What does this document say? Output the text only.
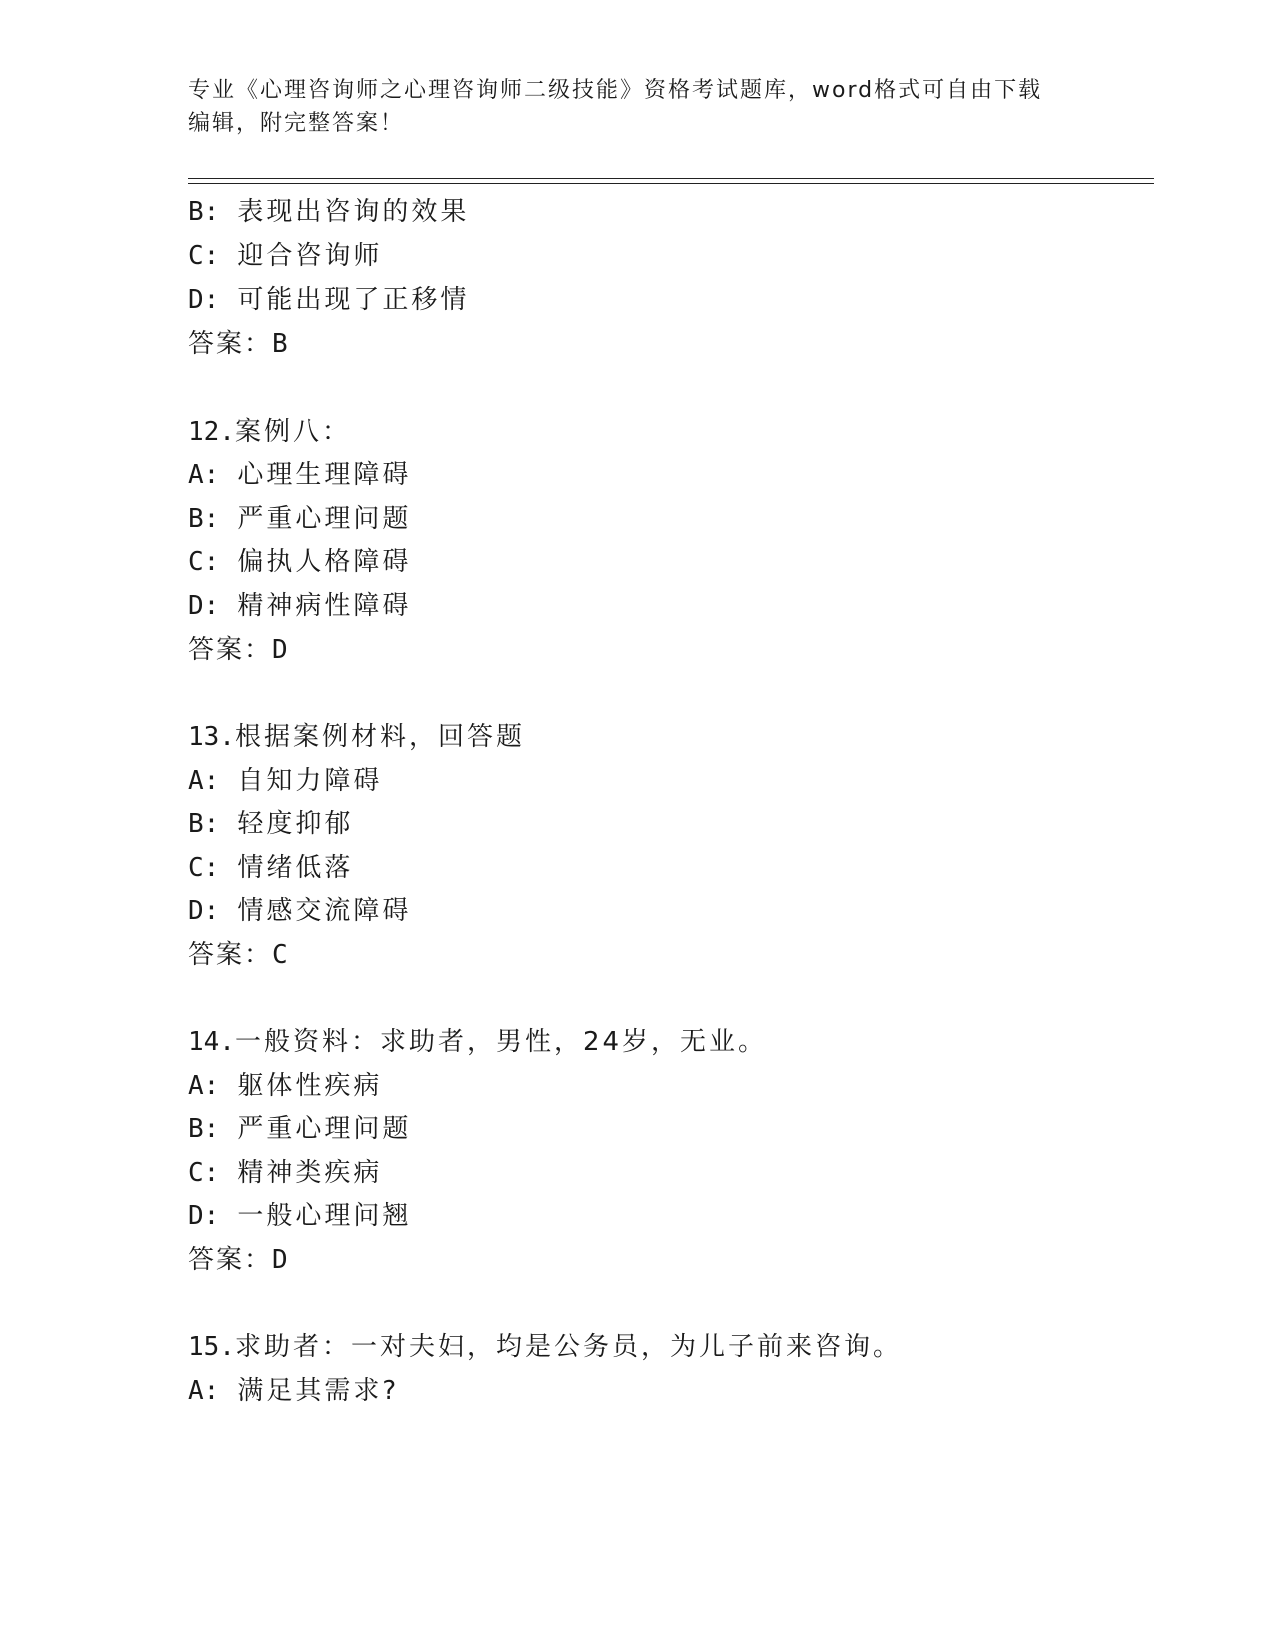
专业《心理咨询师之心理咨询师二级技能》资格考试题库，word格式可自由下载
编辑，附完整答案！
B: 表现出咨询的效果
C: 迎合咨询师
D: 可能出现了正移情
答案：B
12.案例八：
A: 心理生理障碍
B: 严重心理问题
C: 偏执人格障碍
D: 精神病性障碍
答案：D
13.根据案例材料，回答题
A: 自知力障碍
B: 轻度抑郁
C: 情绪低落
D: 情感交流障碍
答案：C
14.一般资料：求助者，男性，24岁，无业。
A: 躯体性疾病
B: 严重心理问题
C: 精神类疾病
D: 一般心理问翘
答案：D
15.求助者：一对夫妇，均是公务员，为儿子前来咨询。
A: 满足其需求?
